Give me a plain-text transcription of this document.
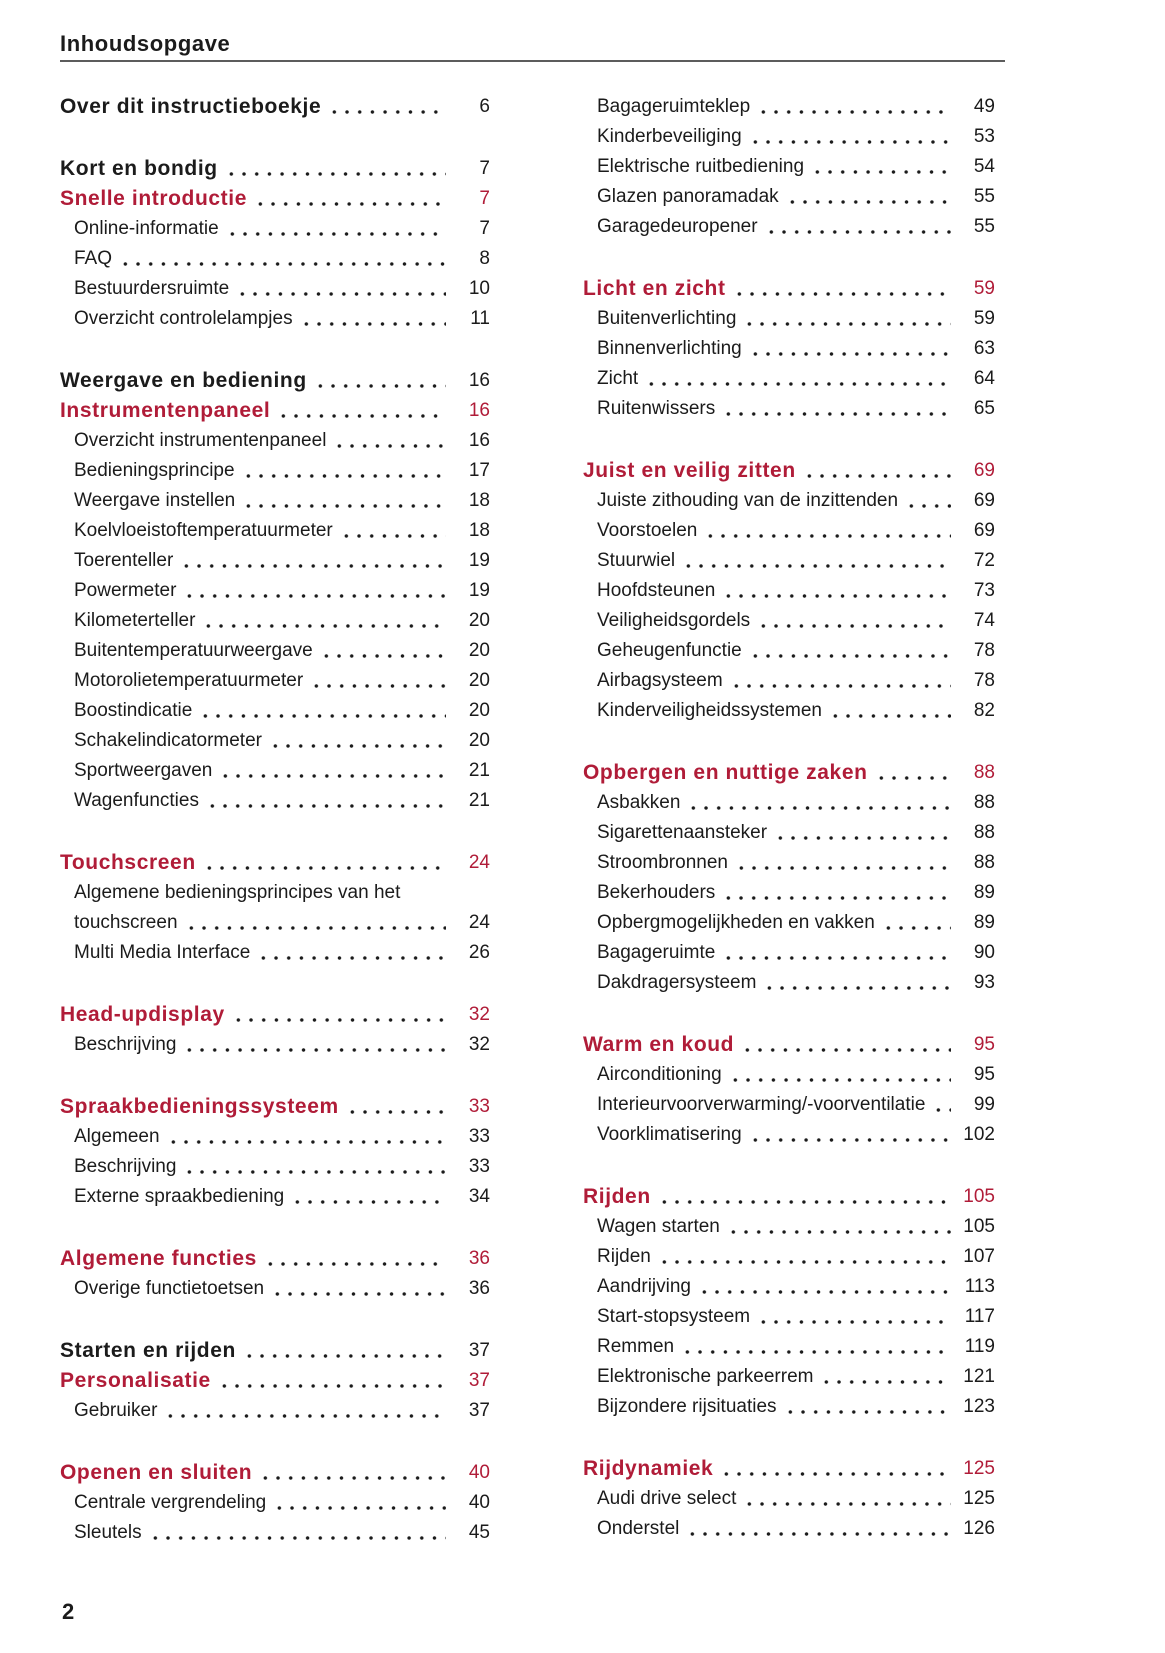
Inhoudsopgave
Over dit instructieboekje	6
Kort en bondig	7
Snelle introductie	7
Online-informatie	7
FAQ	8
Bestuurdersruimte	10
Overzicht controlelampjes	11
Weergave en bediening	16
Instrumentenpaneel	16
Overzicht instrumentenpaneel	16
Bedieningsprincipe	17
Weergave instellen	18
Koelvloeistoftemperatuurmeter	18
Toerenteller	19
Powermeter	19
Kilometerteller	20
Buitentemperatuurweergave	20
Motorolietemperatuurmeter	20
Boostindicatie	20
Schakelindicatormeter	20
Sportweergaven	21
Wagenfuncties	21
Touchscreen	24
Algemene bedieningsprincipes van het
touchscreen	24
Multi Media Interface	26
Head-updisplay	32
Beschrijving	32
Spraakbedieningssysteem	33
Algemeen	33
Beschrijving	33
Externe spraakbediening	34
Algemene functies	36
Overige functietoetsen	36
Starten en rijden	37
Personalisatie	37
Gebruiker	37
Openen en sluiten	40
Centrale vergrendeling	40
Sleutels	45
Bagageruimteklep	49
Kinderbeveiliging	53
Elektrische ruitbediening	54
Glazen panoramadak	55
Garagedeuropener	55
Licht en zicht	59
Buitenverlichting	59
Binnenverlichting	63
Zicht	64
Ruitenwissers	65
Juist en veilig zitten	69
Juiste zithouding van de inzittenden	69
Voorstoelen	69
Stuurwiel	72
Hoofdsteunen	73
Veiligheidsgordels	74
Geheugenfunctie	78
Airbagsysteem	78
Kinderveiligheidssystemen	82
Opbergen en nuttige zaken	88
Asbakken	88
Sigarettenaansteker	88
Stroombronnen	88
Bekerhouders	89
Opbergmogelijkheden en vakken	89
Bagageruimte	90
Dakdragersysteem	93
Warm en koud	95
Airconditioning	95
Interieurvoorverwarming/-voorventilatie	99
Voorklimatisering	102
Rijden	105
Wagen starten	105
Rijden	107
Aandrijving	113
Start-stopsysteem	117
Remmen	119
Elektronische parkeerrem	121
Bijzondere rijsituaties	123
Rijdynamiek	125
Audi drive select	125
Onderstel	126
2
